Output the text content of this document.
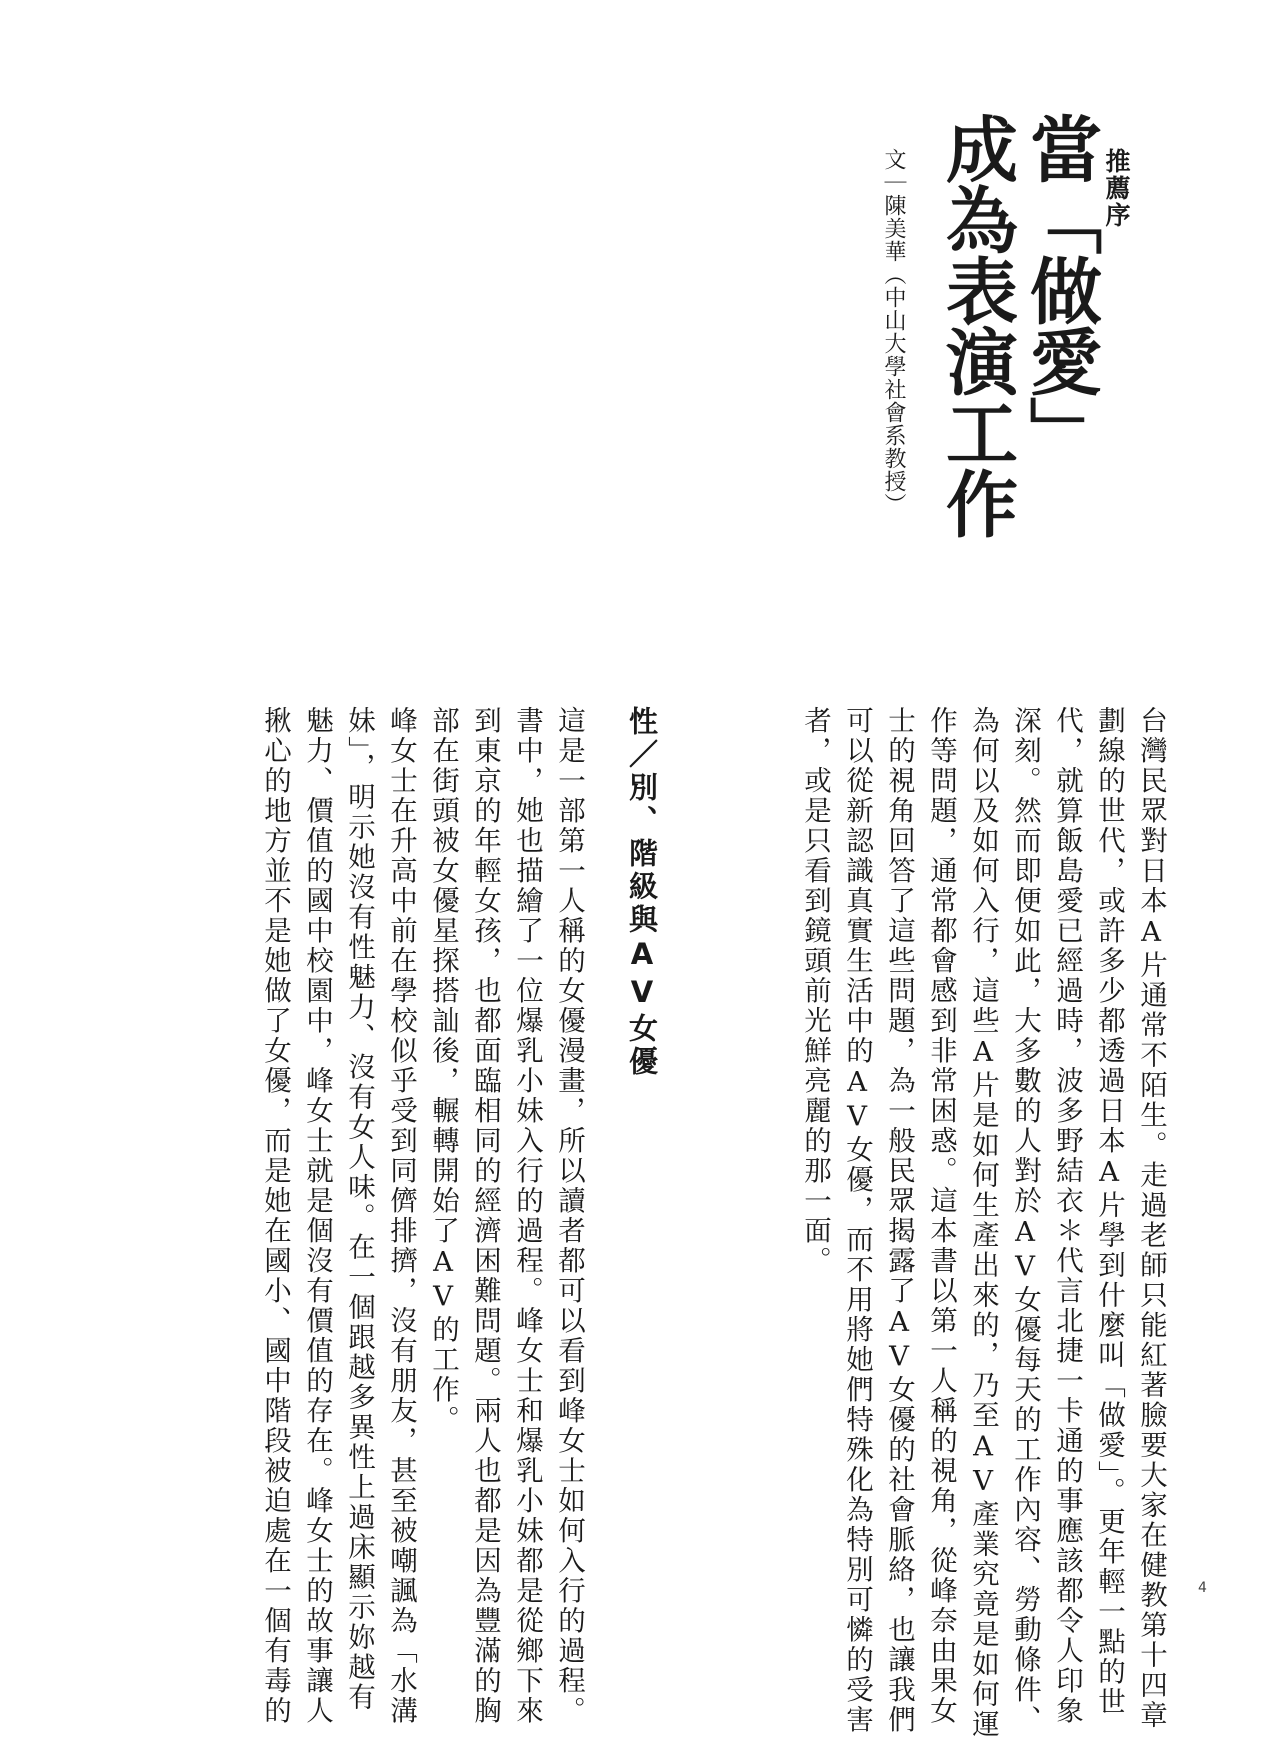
推薦序
當「做愛」
成為表演工作
文｜陳美華（中山大學社會系教授）

台灣民眾對日本A片通常不陌生。走過老師只能紅著臉要大家在健教第十四章

劃線的世代，或許多少都透過日本A片學到什麼叫「做愛」。更年輕一點的世

代，就算飯島愛已經過時，波多野結衣＊代言北捷一卡通的事應該都令人印象

深刻。然而即便如此，大多數的人對於AV女優每天的工作內容、勞動條件、

為何以及如何入行，這些A片是如何生產出來的，乃至AV產業究竟是如何運

作等問題，通常都會感到非常困惑。這本書以第一人稱的視角，從峰奈由果女

士的視角回答了這些問題，為一般民眾揭露了AV女優的社會脈絡，也讓我們

可以從新認識真實生活中的AV女優，而不用將她們特殊化為特別可憐的受害

者，或是只看到鏡頭前光鮮亮麗的那一面。

性／別、階級與AV女優

這是一部第一人稱的女優漫畫，所以讀者都可以看到峰女士如何入行的過程。

書中，她也描繪了一位爆乳小妹入行的過程。峰女士和爆乳小妹都是從鄉下來

到東京的年輕女孩，也都面臨相同的經濟困難問題。兩人也都是因為豐滿的胸

部在街頭被女優星探搭訕後，輾轉開始了AV的工作。

峰女士在升高中前在學校似乎受到同儕排擠，沒有朋友，甚至被嘲諷為「水溝

妹」，明示她沒有性魅力、沒有女人味。在一個跟越多異性上過床顯示妳越有

魅力、價值的國中校園中，峰女士就是個沒有價值的存在。峰女士的故事讓人

揪心的地方並不是她做了女優，而是她在國小、國中階段被迫處在一個有毒的	4
